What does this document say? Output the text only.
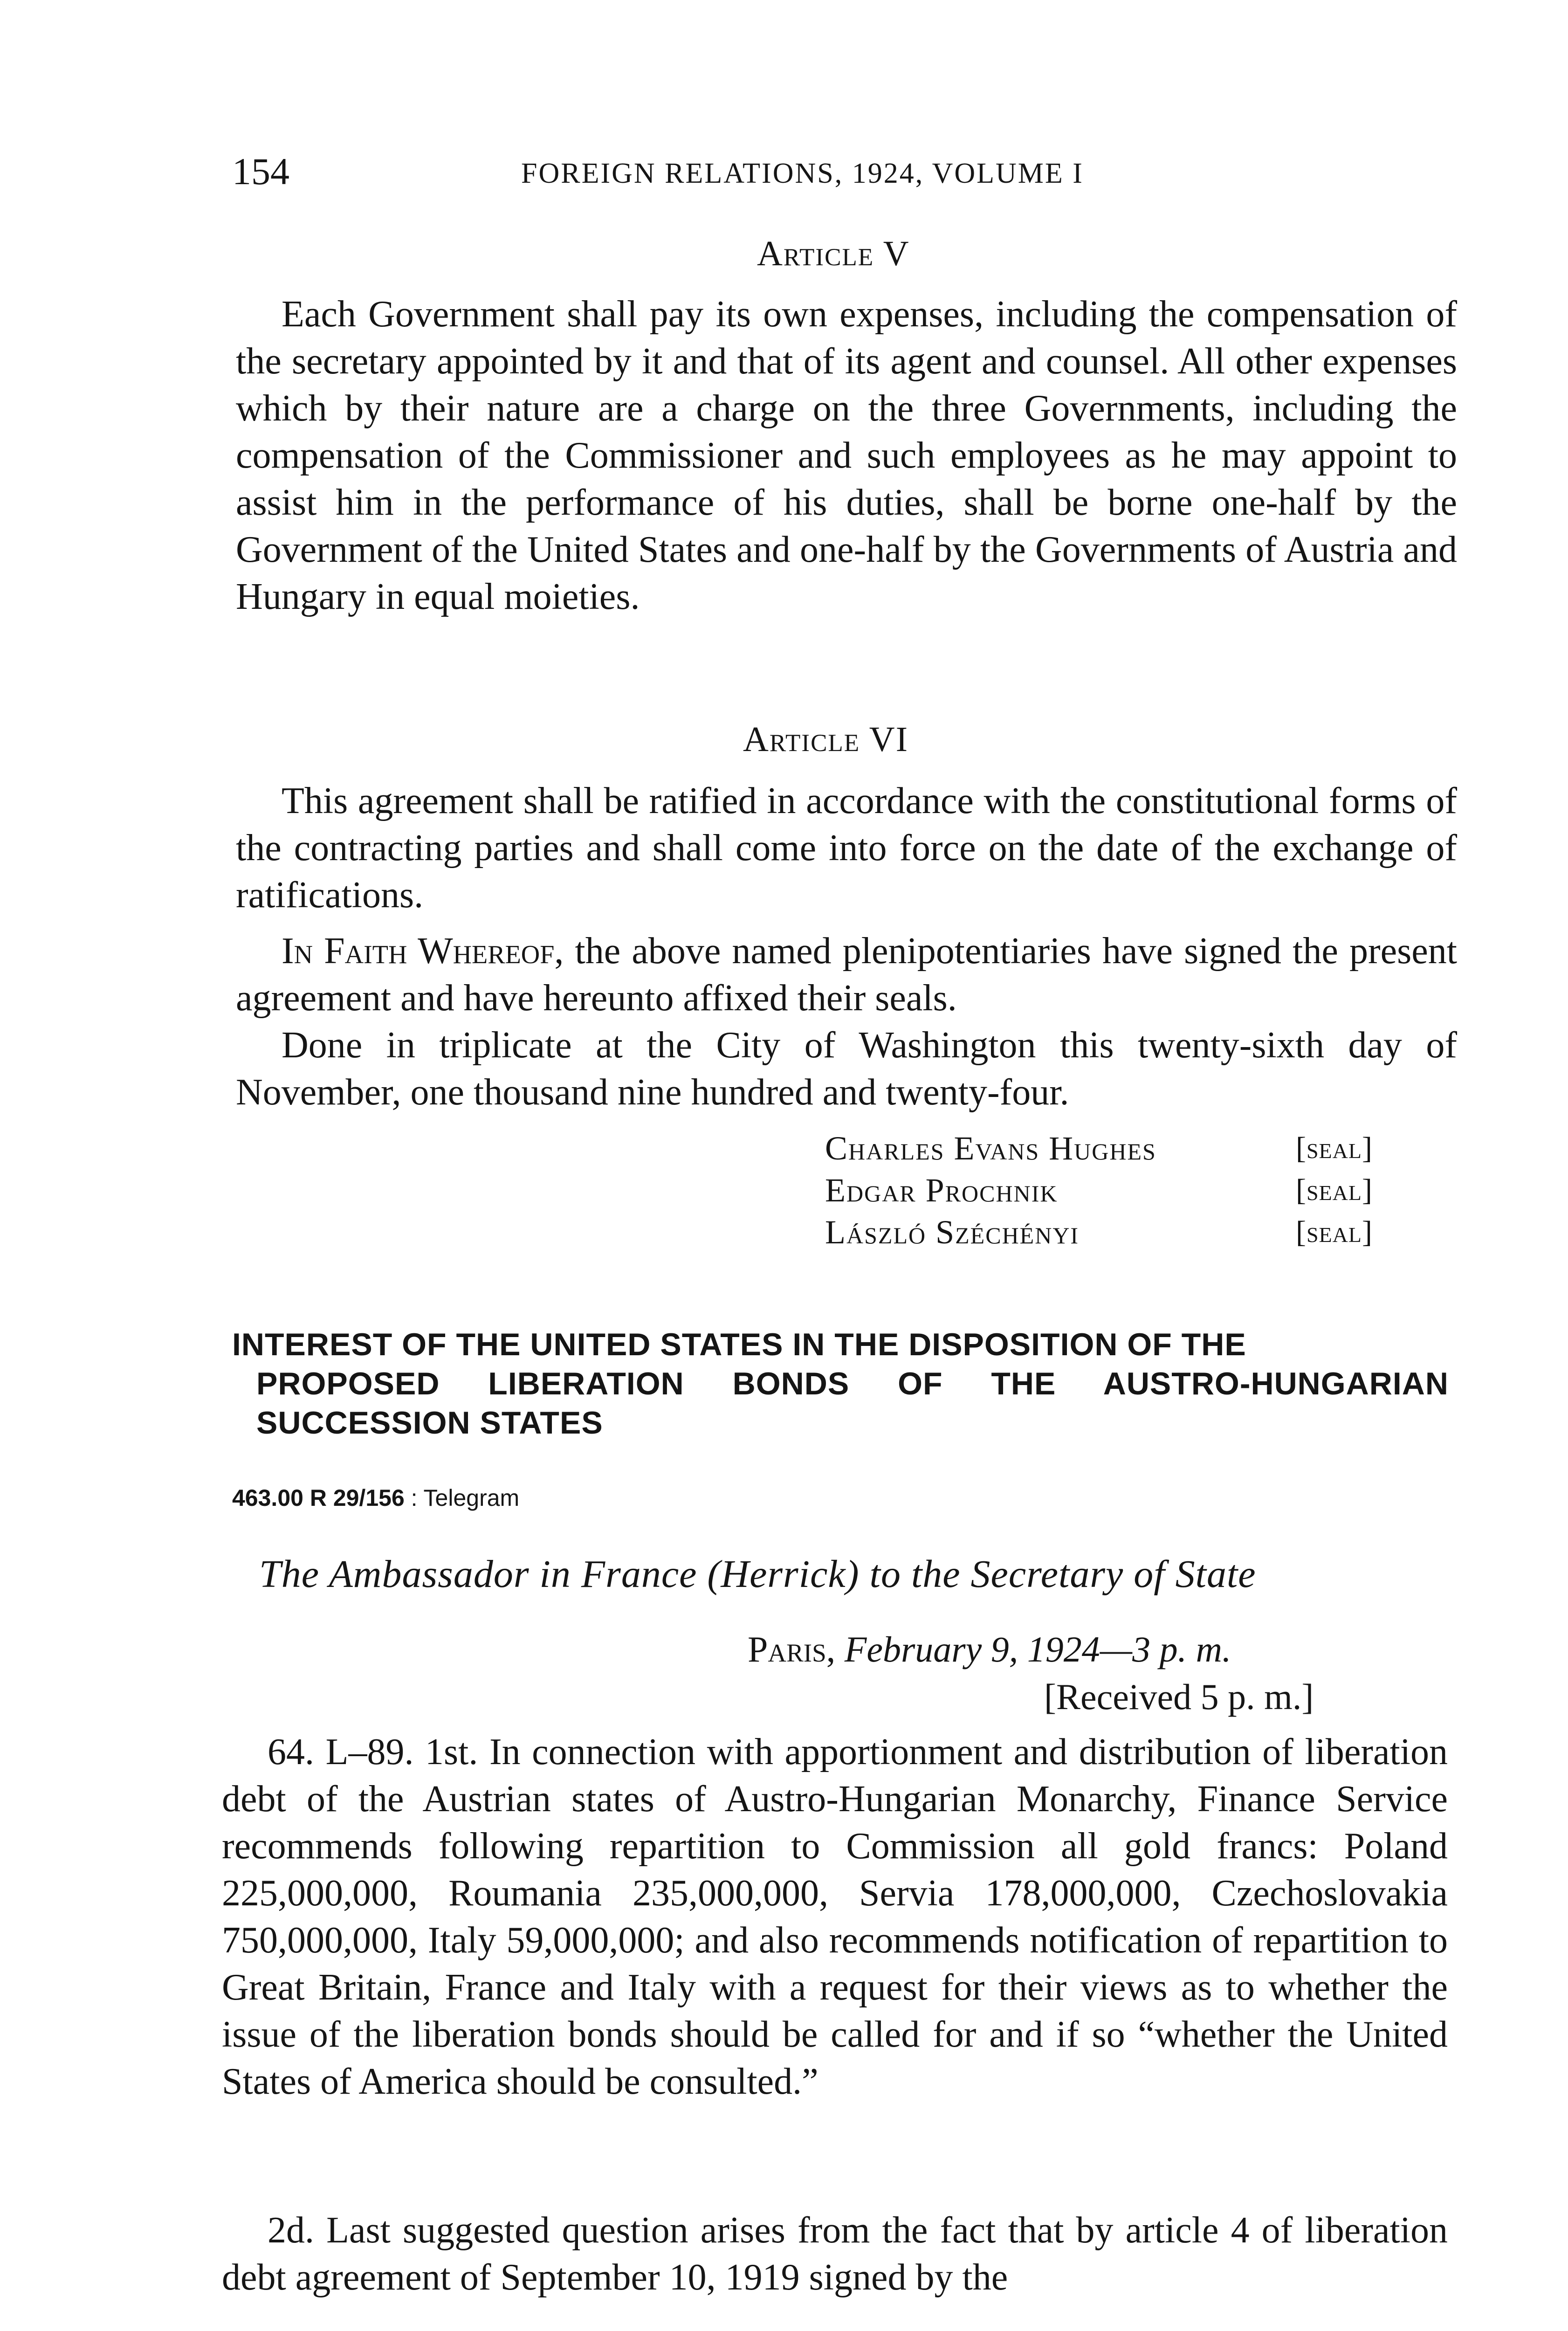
154	FOREIGN RELATIONS, 1924, VOLUME I
Article V

Each Government shall pay its own expenses, including the compensation of the secretary appointed by it and that of its agent and counsel. All other expenses which by their nature are a charge on the three Governments, including the compensation of the Commissioner and such employees as he may appoint to assist him in the performance of his duties, shall be borne one-half by the Government of the United States and one-half by the Governments of Austria and Hungary in equal moieties.

Article VI

This agreement shall be ratified in accordance with the constitutional forms of the contracting parties and shall come into force on the date of the exchange of ratifications.

In Faith Whereof, the above named plenipotentiaries have signed the present agreement and have hereunto affixed their seals.

Done in triplicate at the City of Washington this twenty-sixth day of November, one thousand nine hundred and twenty-four.

Charles Evans Hughes	[seal]
Edgar Prochnik	[seal]
László Széchényi	[seal]
INTEREST OF THE UNITED STATES IN THE DISPOSITION OF THE
PROPOSED LIBERATION BONDS OF THE AUSTRO-HUNGARIAN SUCCESSION STATES
463.00 R 29/156 : Telegram
The Ambassador in France (Herrick) to the Secretary of State
Paris, February 9, 1924—3 p. m.
[Received 5 p. m.]

64. L–89. 1st. In connection with apportionment and distribution of liberation debt of the Austrian states of Austro-Hungarian Monarchy, Finance Service recommends following repartition to Commission all gold francs: Poland 225,000,000, Roumania 235,000,000, Servia 178,000,000, Czechoslovakia 750,000,000, Italy 59,000,000; and also recommends notification of repartition to Great Britain, France and Italy with a request for their views as to whether the issue of the liberation bonds should be called for and if so “whether the United States of America should be consulted.”

2d. Last suggested question arises from the fact that by article 4 of liberation debt agreement of September 10, 1919 signed by the
